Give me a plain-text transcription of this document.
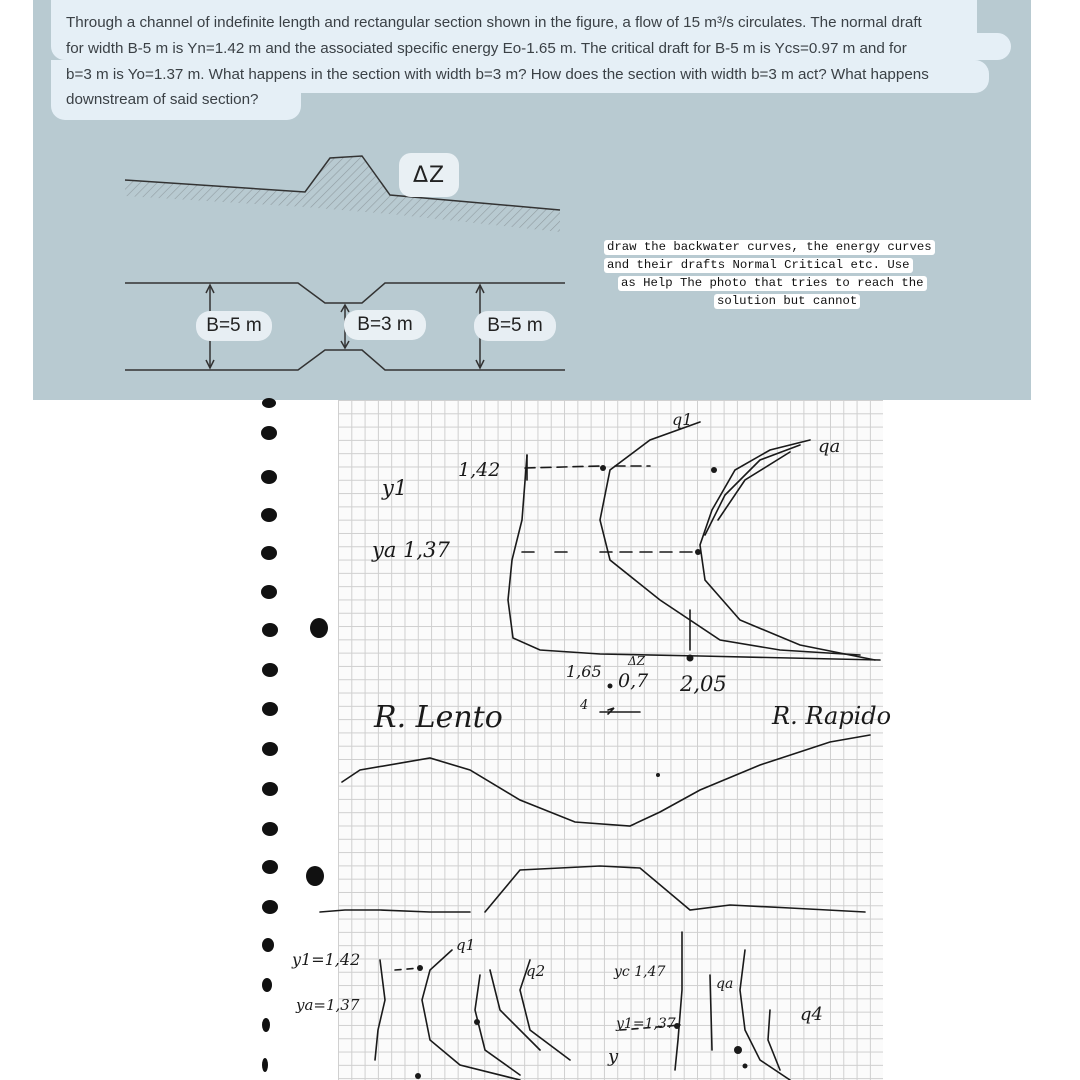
Through a channel of indefinite length and rectangular section shown in the figure, a flow of 15 m³/s circulates. The normal draft
for width B-5 m is Yn=1.42 m and the associated specific energy Eo-1.65 m. The critical draft for B-5 m is Ycs=0.97 m and for
b=3 m is Yo=1.37 m. What happens in the section with width b=3 m? How does the section with width b=3 m act? What happens
downstream of said section?
ΔZ
B=5 m	B=3 m	B=5 m
draw the backwater curves, the energy curves
and their drafts Normal Critical etc. Use
as Help The photo that tries to reach the
solution but cannot
y1
1,42
ya 1,37
q1
qa
1,65
ΔZ
0,7 2,05
4
R. Lento	R. Rapido
y1=1,42
ya=1,37
q1
q2	yc 1,47
y1=1,37
y
qa
q4
